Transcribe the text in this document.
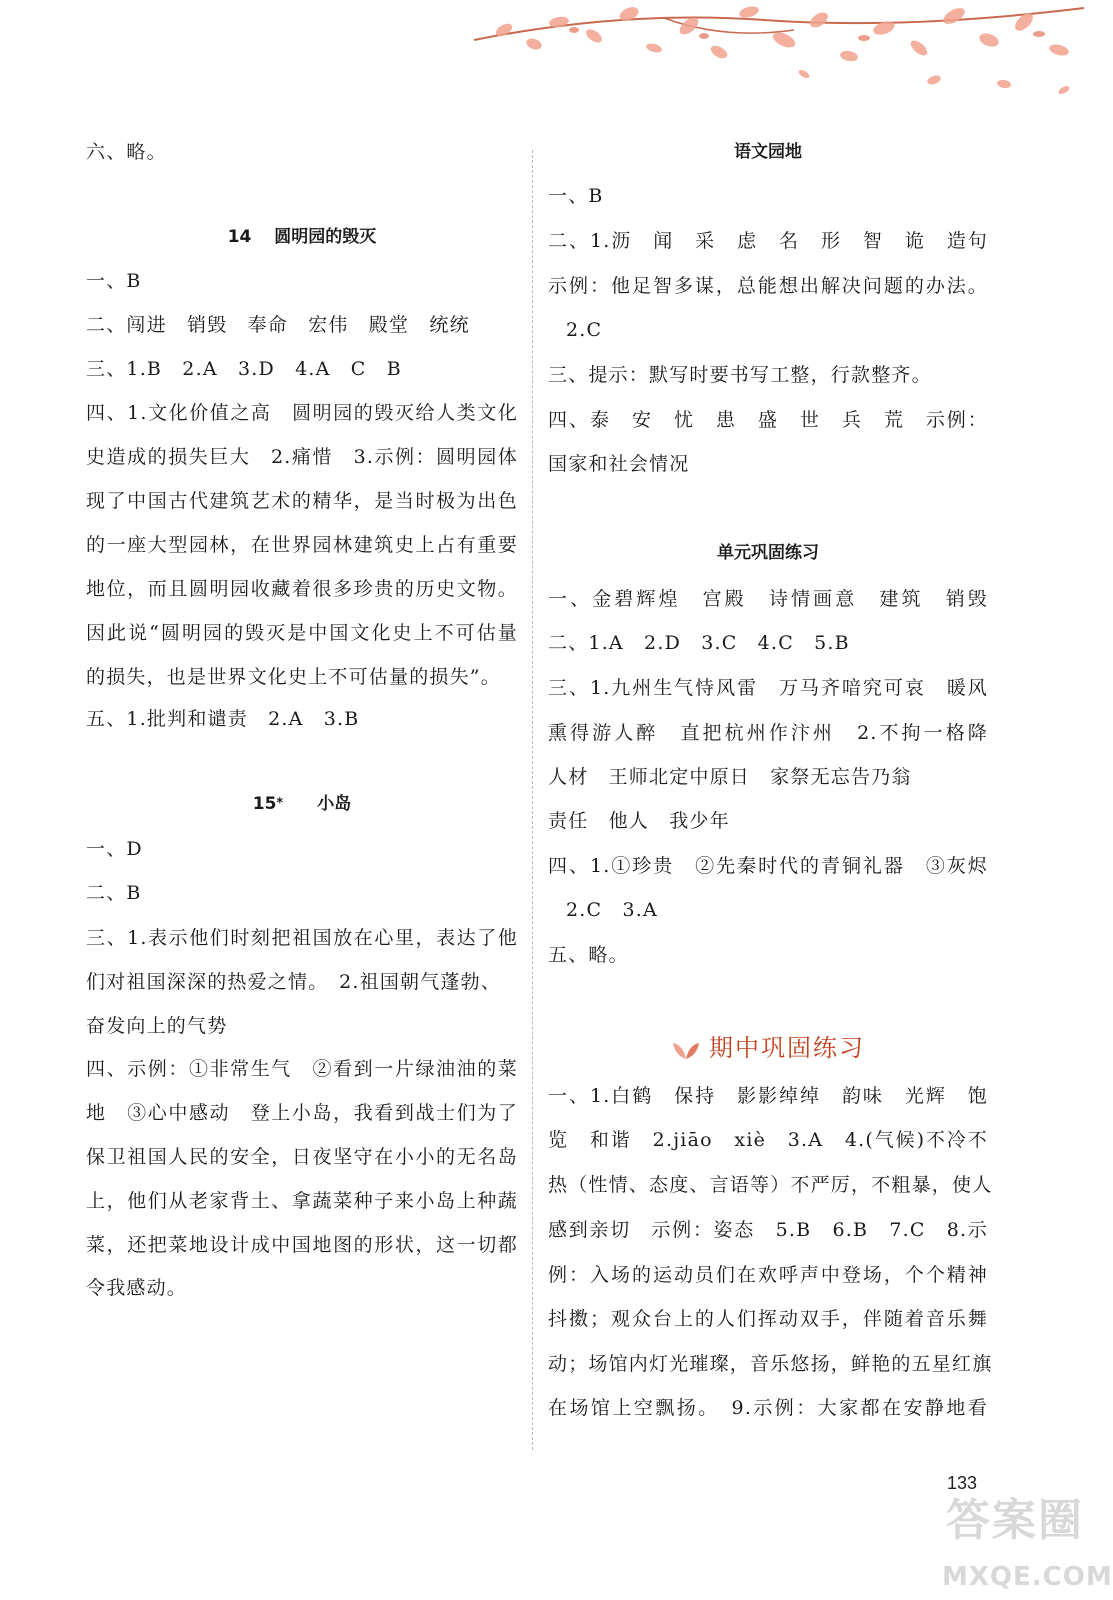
六、略。
14　 圆明园的毁灭
一、B
二、闯进　销毁　奉命　宏伟　殿堂　统统
三、1.B　2.A　3.D　4.A　C　B
四、1.文化价值之高　圆明园的毁灭给人类文化
史造成的损失巨大　2.痛惜　3.示例：圆明园体
现了中国古代建筑艺术的精华，是当时极为出色
的一座大型园林，在世界园林建筑史上占有重要
地位，而且圆明园收藏着很多珍贵的历史文物。
因此说“圆明园的毁灭是中国文化史上不可估量
的损失，也是世界文化史上不可估量的损失”。
五、1.批判和谴责　2.A　3.B
15*　　 小岛
一、D
二、B
三、1.表示他们时刻把祖国放在心里，表达了他
们对祖国深深的热爱之情。　2.祖国朝气蓬勃、
奋发向上的气势
四、示例：①非常生气　②看到一片绿油油的菜
地　③心中感动　登上小岛，我看到战士们为了
保卫祖国人民的安全，日夜坚守在小小的无名岛
上，他们从老家背土、拿蔬菜种子来小岛上种蔬
菜，还把菜地设计成中国地图的形状，这一切都
令我感动。
语文园地
一、B
二、1.沥　闻　采　虑　名　形　智　诡　造句
示例：他足智多谋，总能想出解决问题的办法。
2.C
三、提示：默写时要书写工整，行款整齐。
四、泰　安　忧　患　盛　世　兵　荒　示例：
国家和社会情况
单元巩固练习
一、金碧辉煌　宫殿　诗情画意　建筑　销毁
二、1.A　2.D　3.C　4.C　5.B
三、1.九州生气恃风雷　万马齐喑究可哀　暖风
熏得游人醉　直把杭州作汴州　2.不拘一格降
人材　王师北定中原日　家祭无忘告乃翁
责任　他人　我少年
四、1.①珍贵　②先秦时代的青铜礼器　③灰烬
2.C　3.A
五、略。
期中巩固练习
一、1.白鹤　保持　影影绰绰　韵味　光辉　饱
览　和谐　2.jiāo　xiè　3.A　4.(气候)不冷不
热（性情、态度、言语等）不严厉，不粗暴，使人
感到亲切　示例：姿态　5.B　6.B　7.C　8.示
例：入场的运动员们在欢呼声中登场，个个精神
抖擞；观众台上的人们挥动双手，伴随着音乐舞
动；场馆内灯光璀璨，音乐悠扬，鲜艳的五星红旗
在场馆上空飘扬。　9.示例：大家都在安静地看
133
答案圈
MXQE.COM
